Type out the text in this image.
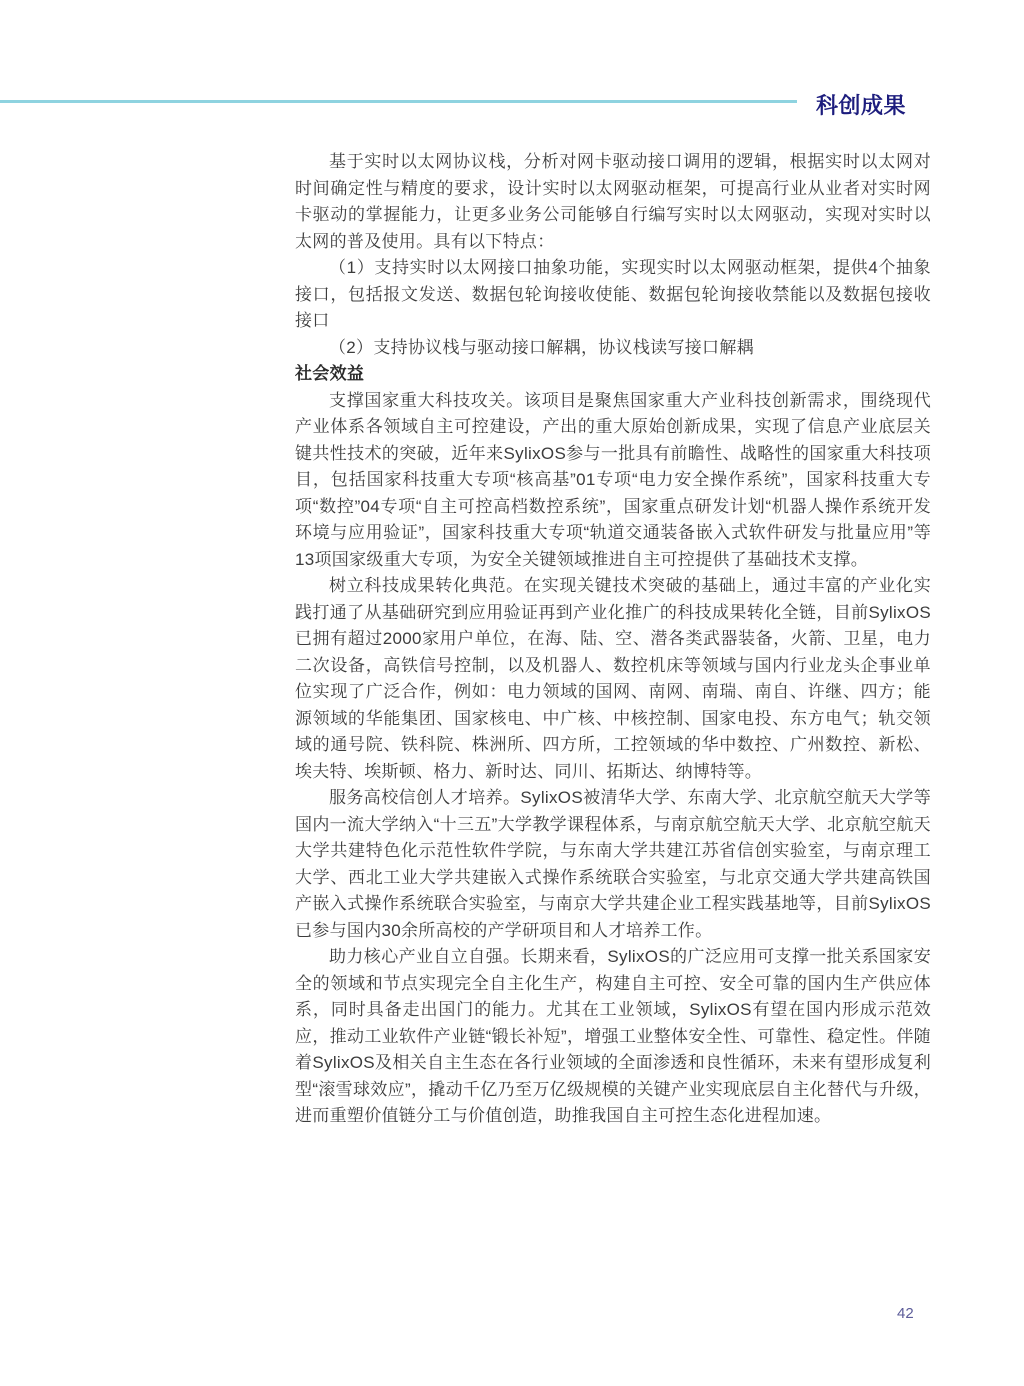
科创成果

基于实时以太网协议栈，分析对网卡驱动接口调用的逻辑，根据实时以太网对时间确定性与精度的要求，设计实时以太网驱动框架，可提高行业从业者对实时网卡驱动的掌握能力，让更多业务公司能够自行编写实时以太网驱动，实现对实时以太网的普及使用。具有以下特点：

（1）支持实时以太网接口抽象功能，实现实时以太网驱动框架，提供4个抽象接口，包括报文发送、数据包轮询接收使能、数据包轮询接收禁能以及数据包接收接口

（2）支持协议栈与驱动接口解耦，协议栈读写接口解耦

社会效益

支撑国家重大科技攻关。该项目是聚焦国家重大产业科技创新需求，围绕现代产业体系各领域自主可控建设，产出的重大原始创新成果，实现了信息产业底层关键共性技术的突破，近年来SylixOS参与一批具有前瞻性、战略性的国家重大科技项目，包括国家科技重大专项“核高基”01专项“电力安全操作系统”，国家科技重大专项“数控”04专项“自主可控高档数控系统”，国家重点研发计划“机器人操作系统开发环境与应用验证”，国家科技重大专项“轨道交通装备嵌入式软件研发与批量应用”等13项国家级重大专项，为安全关键领域推进自主可控提供了基础技术支撑。

树立科技成果转化典范。在实现关键技术突破的基础上，通过丰富的产业化实践打通了从基础研究到应用验证再到产业化推广的科技成果转化全链，目前SylixOS已拥有超过2000家用户单位，在海、陆、空、潜各类武器装备，火箭、卫星，电力二次设备，高铁信号控制，以及机器人、数控机床等领域与国内行业龙头企事业单位实现了广泛合作，例如：电力领域的国网、南网、南瑞、南自、许继、四方；能源领域的华能集团、国家核电、中广核、中核控制、国家电投、东方电气；轨交领域的通号院、铁科院、株洲所、四方所，工控领域的华中数控、广州数控、新松、埃夫特、埃斯顿、格力、新时达、同川、拓斯达、纳博特等。

服务高校信创人才培养。SylixOS被清华大学、东南大学、北京航空航天大学等国内一流大学纳入“十三五”大学教学课程体系，与南京航空航天大学、北京航空航天大学共建特色化示范性软件学院，与东南大学共建江苏省信创实验室，与南京理工大学、西北工业大学共建嵌入式操作系统联合实验室，与北京交通大学共建高铁国产嵌入式操作系统联合实验室，与南京大学共建企业工程实践基地等，目前SylixOS已参与国内30余所高校的产学研项目和人才培养工作。

助力核心产业自立自强。长期来看，SylixOS的广泛应用可支撑一批关系国家安全的领域和节点实现完全自主化生产，构建自主可控、安全可靠的国内生产供应体系，同时具备走出国门的能力。尤其在工业领域，SylixOS有望在国内形成示范效应，推动工业软件产业链“锻长补短”，增强工业整体安全性、可靠性、稳定性。伴随着SylixOS及相关自主生态在各行业领域的全面渗透和良性循环，未来有望形成复利型“滚雪球效应”，撬动千亿乃至万亿级规模的关键产业实现底层自主化替代与升级，进而重塑价值链分工与价值创造，助推我国自主可控生态化进程加速。

42
